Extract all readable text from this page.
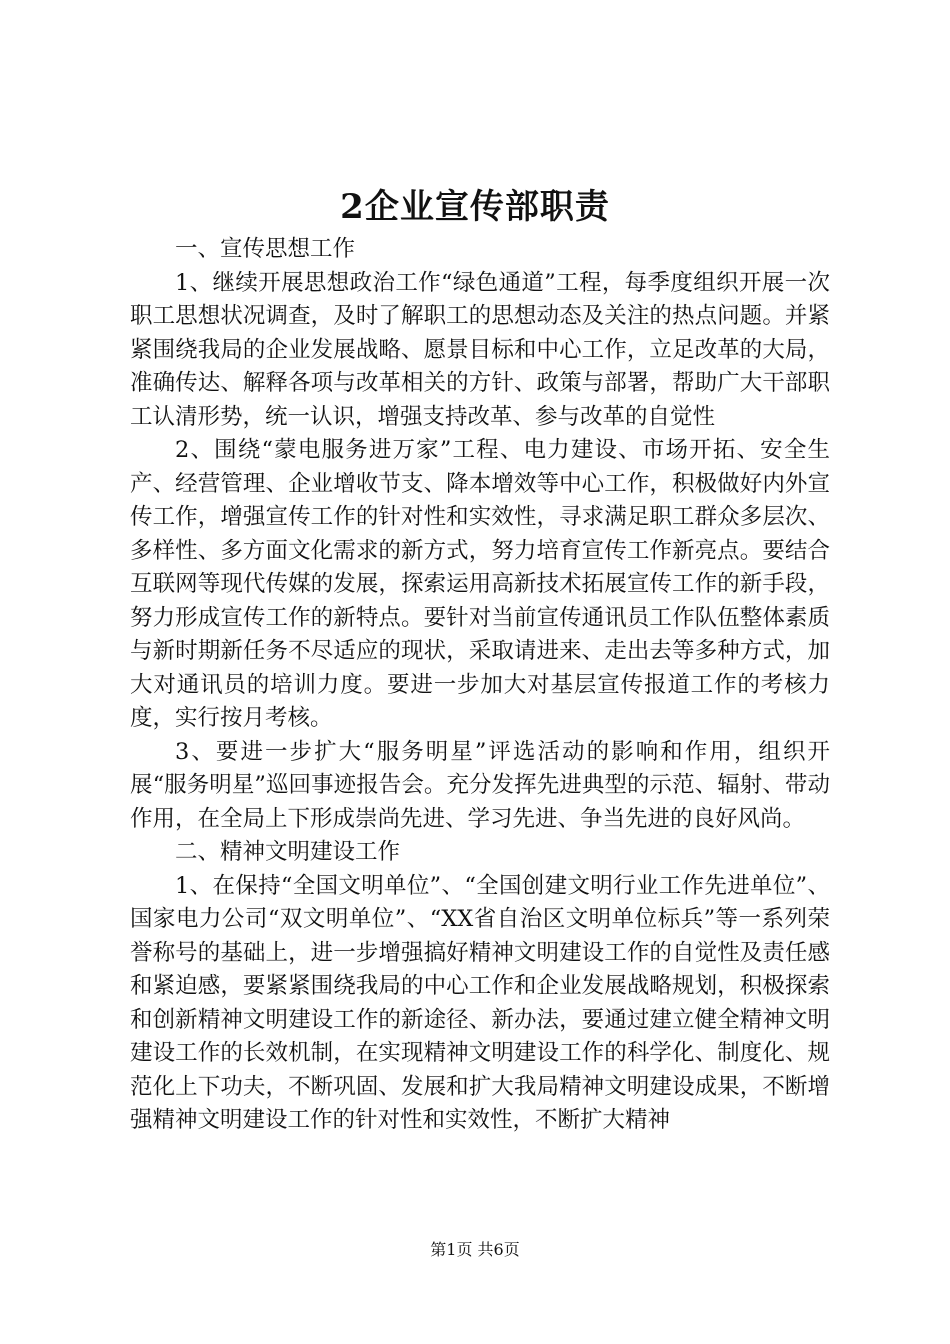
2企业宣传部职责

一、宣传思想工作

1、继续开展思想政治工作“绿色通道”工程，每季度组织开展一次职工思想状况调查，及时了解职工的思想动态及关注的热点问题。并紧紧围绕我局的企业发展战略、愿景目标和中心工作，立足改革的大局，准确传达、解释各项与改革相关的方针、政策与部署，帮助广大干部职工认清形势，统一认识，增强支持改革、参与改革的自觉性

2、围绕“蒙电服务进万家”工程、电力建设、市场开拓、安全生产、经营管理、企业增收节支、降本增效等中心工作，积极做好内外宣传工作，增强宣传工作的针对性和实效性，寻求满足职工群众多层次、多样性、多方面文化需求的新方式，努力培育宣传工作新亮点。要结合互联网等现代传媒的发展，探索运用高新技术拓展宣传工作的新手段，努力形成宣传工作的新特点。要针对当前宣传通讯员工作队伍整体素质与新时期新任务不尽适应的现状，采取请进来、走出去等多种方式，加大对通讯员的培训力度。要进一步加大对基层宣传报道工作的考核力度，实行按月考核。

3、要进一步扩大“服务明星”评选活动的影响和作用，组织开展“服务明星”巡回事迹报告会。充分发挥先进典型的示范、辐射、带动作用，在全局上下形成崇尚先进、学习先进、争当先进的良好风尚。

二、精神文明建设工作

1、在保持“全国文明单位”、“全国创建文明行业工作先进单位”、国家电力公司“双文明单位”、“XX省自治区文明单位标兵”等一系列荣誉称号的基础上，进一步增强搞好精神文明建设工作的自觉性及责任感和紧迫感，要紧紧围绕我局的中心工作和企业发展战略规划，积极探索和创新精神文明建设工作的新途径、新办法，要通过建立健全精神文明建设工作的长效机制，在实现精神文明建设工作的科学化、制度化、规范化上下功夫，不断巩固、发展和扩大我局精神文明建设成果，不断增强精神文明建设工作的针对性和实效性，不断扩大精神

第1页 共6页
